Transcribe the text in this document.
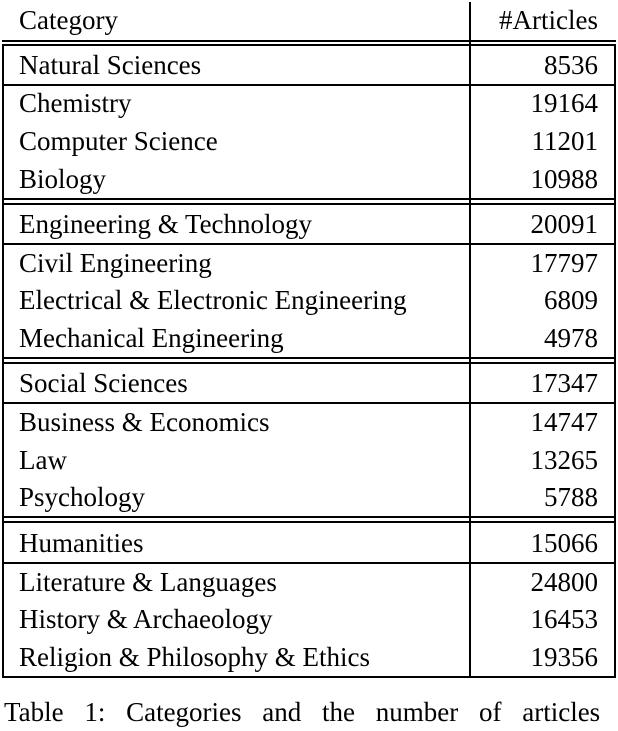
Category	#Articles
Natural Sciences	8536
Chemistry	19164
Computer Science	11201
Biology	10988
Engineering & Technology	20091
Civil Engineering	17797
Electrical & Electronic Engineering	6809
Mechanical Engineering	4978
Social Sciences	17347
Business & Economics	14747
Law	13265
Psychology	5788
Humanities	15066
Literature & Languages	24800
History & Archaeology	16453
Religion & Philosophy & Ethics	19356
Table 1: Categories and the number of articles
